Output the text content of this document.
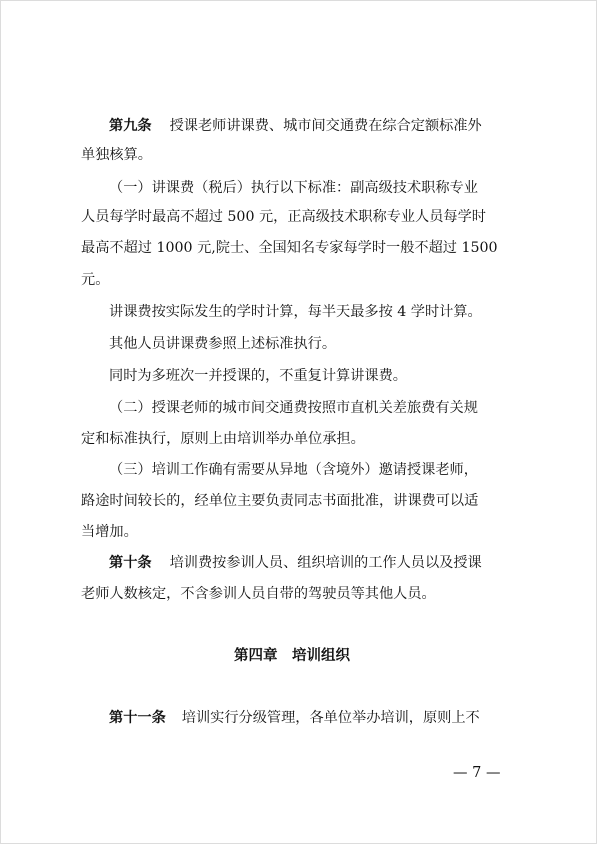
第九条 授课老师讲课费、城市间交通费在综合定额标准外
单独核算。
（一）讲课费（税后）执行以下标准：副高级技术职称专业
人员每学时最高不超过 500 元，正高级技术职称专业人员每学时
最高不超过 1000 元,院士、全国知名专家每学时一般不超过 1500
元。
讲课费按实际发生的学时计算，每半天最多按 4 学时计算。
其他人员讲课费参照上述标准执行。
同时为多班次一并授课的，不重复计算讲课费。
（二）授课老师的城市间交通费按照市直机关差旅费有关规
定和标准执行，原则上由培训举办单位承担。
（三）培训工作确有需要从异地（含境外）邀请授课老师，
路途时间较长的，经单位主要负责同志书面批准，讲课费可以适
当增加。
第十条 培训费按参训人员、组织培训的工作人员以及授课
老师人数核定，不含参训人员自带的驾驶员等其他人员。
第四章　培训组织
第十一条 培训实行分级管理，各单位举办培训，原则上不
— 7 —
